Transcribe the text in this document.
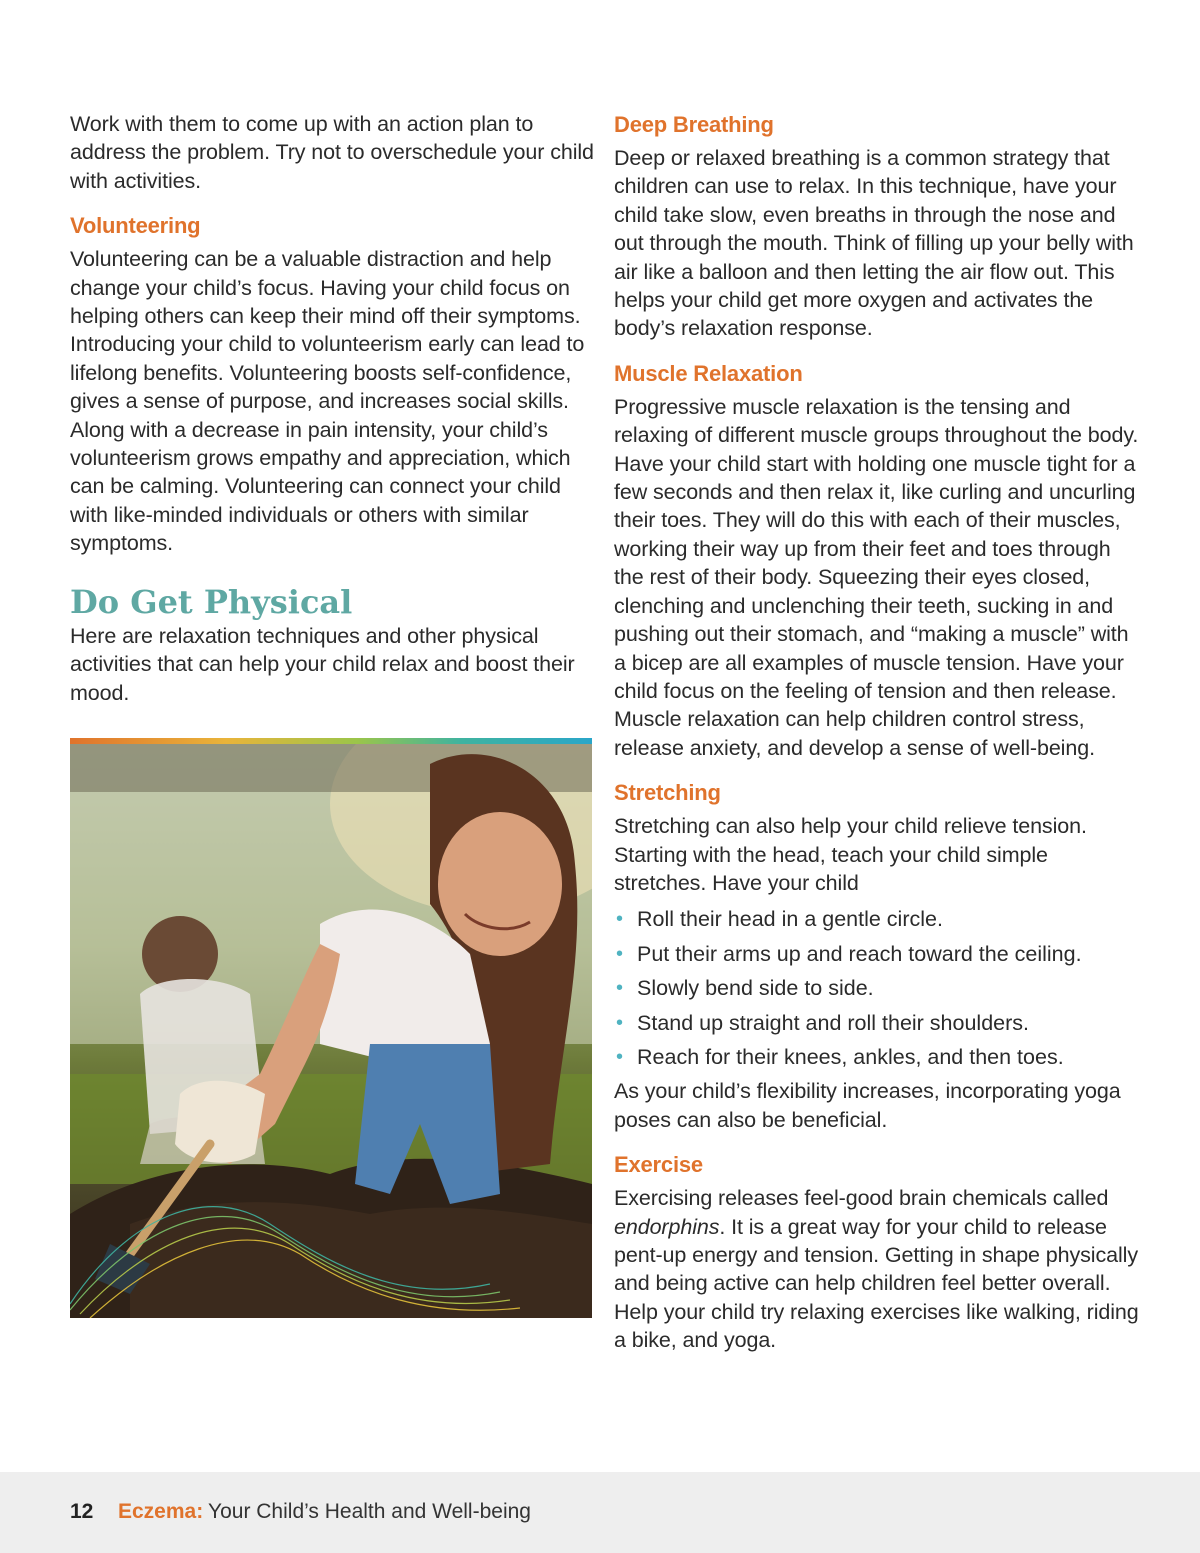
Work with them to come up with an action plan to address the problem. Try not to overschedule your child with activities.

Volunteering

Volunteering can be a valuable distraction and help change your child’s focus. Having your child focus on helping others can keep their mind off their symptoms. Introducing your child to volunteerism early can lead to lifelong benefits. Volunteering boosts self-confidence, gives a sense of purpose, and increases social skills. Along with a decrease in pain intensity, your child’s volunteerism grows empathy and appreciation, which can be calming. Volunteering can connect your child with like-minded individuals or others with similar symptoms.

Do Get Physical

Here are relaxation techniques and other physical activities that can help your child relax and boost their mood.

Deep Breathing

Deep or relaxed breathing is a common strategy that children can use to relax. In this technique, have your child take slow, even breaths in through the nose and out through the mouth. Think of filling up your belly with air like a balloon and then letting the air flow out. This helps your child get more oxygen and activates the body’s relaxation response.

Muscle Relaxation

Progressive muscle relaxation is the tensing and relaxing of different muscle groups throughout the body. Have your child start with holding one muscle tight for a few seconds and then relax it, like curling and uncurling their toes. They will do this with each of their muscles, working their way up from their feet and toes through the rest of their body. Squeezing their eyes closed, clenching and unclenching their teeth, sucking in and pushing out their stomach, and “making a muscle” with a bicep are all examples of muscle tension. Have your child focus on the feeling of tension and then release. Muscle relaxation can help children control stress, release anxiety, and develop a sense of well-being.

Stretching

Stretching can also help your child relieve tension. Starting with the head, teach your child simple stretches. Have your child

• Roll their head in a gentle circle.
• Put their arms up and reach toward the ceiling.
• Slowly bend side to side.
• Stand up straight and roll their shoulders.
• Reach for their knees, ankles, and then toes.

As your child’s flexibility increases, incorporating yoga poses can also be beneficial.

Exercise

Exercising releases feel-good brain chemicals called endorphins. It is a great way for your child to release pent-up energy and tension. Getting in shape physically and being active can help children feel better overall. Help your child try relaxing exercises like walking, riding a bike, and yoga.

12 Eczema: Your Child’s Health and Well-being
